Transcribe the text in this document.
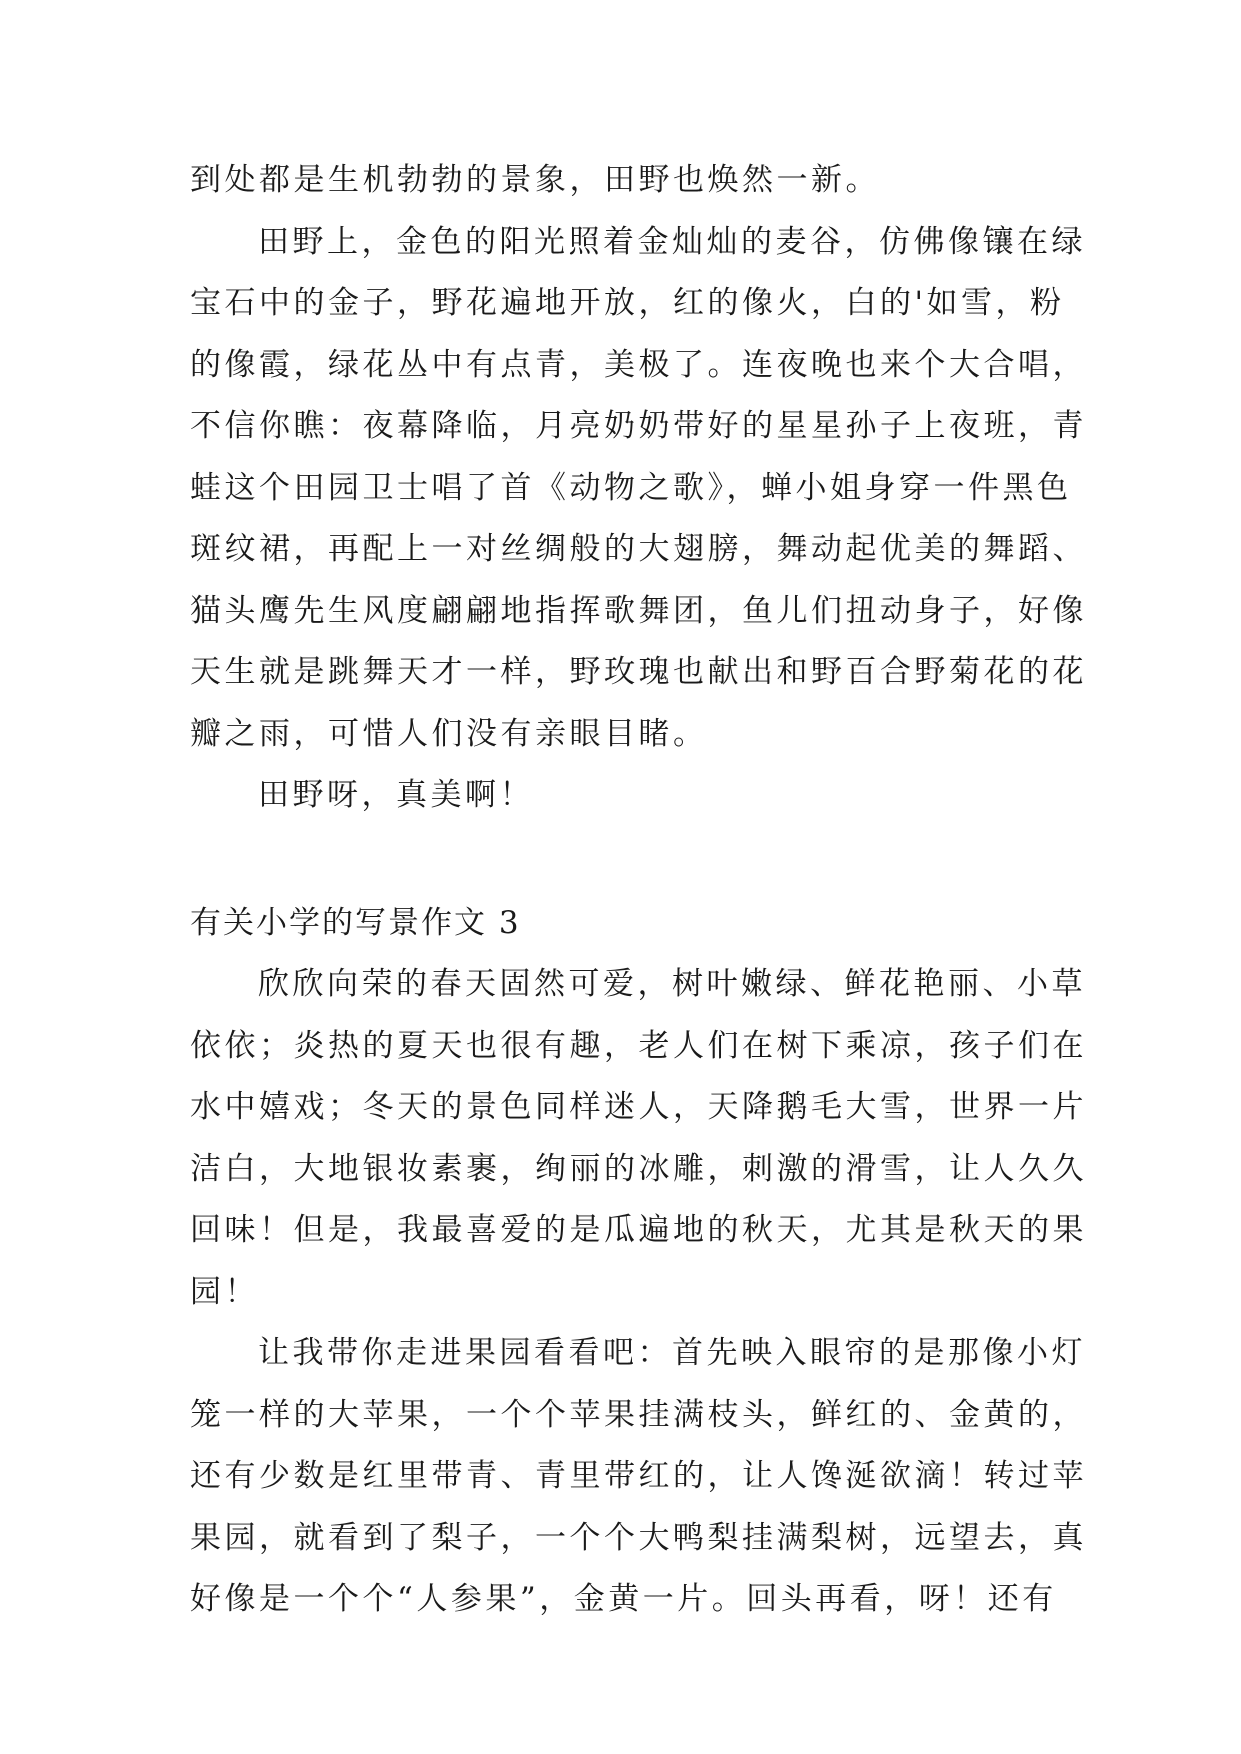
到处都是生机勃勃的景象，田野也焕然一新。
田野上，金色的阳光照着金灿灿的麦谷，仿佛像镶在绿
宝石中的金子，野花遍地开放，红的像火，白的'如雪，粉
的像霞，绿花丛中有点青，美极了。连夜晚也来个大合唱，
不信你瞧：夜幕降临，月亮奶奶带好的星星孙子上夜班，青
蛙这个田园卫士唱了首《动物之歌》，蝉小姐身穿一件黑色
斑纹裙，再配上一对丝绸般的大翅膀，舞动起优美的舞蹈、
猫头鹰先生风度翩翩地指挥歌舞团，鱼儿们扭动身子，好像
天生就是跳舞天才一样，野玫瑰也献出和野百合野菊花的花
瓣之雨，可惜人们没有亲眼目睹。
田野呀，真美啊！
有关小学的写景作文 3
欣欣向荣的春天固然可爱，树叶嫩绿、鲜花艳丽、小草
依依；炎热的夏天也很有趣，老人们在树下乘凉，孩子们在
水中嬉戏；冬天的景色同样迷人，天降鹅毛大雪，世界一片
洁白，大地银妆素裹，绚丽的冰雕，刺激的滑雪，让人久久
回味！但是，我最喜爱的是瓜遍地的秋天，尤其是秋天的果
园！
让我带你走进果园看看吧：首先映入眼帘的是那像小灯
笼一样的大苹果，一个个苹果挂满枝头，鲜红的、金黄的，
还有少数是红里带青、青里带红的，让人馋涎欲滴！转过苹
果园，就看到了梨子，一个个大鸭梨挂满梨树，远望去，真
好像是一个个“人参果”，金黄一片。回头再看，呀！还有
